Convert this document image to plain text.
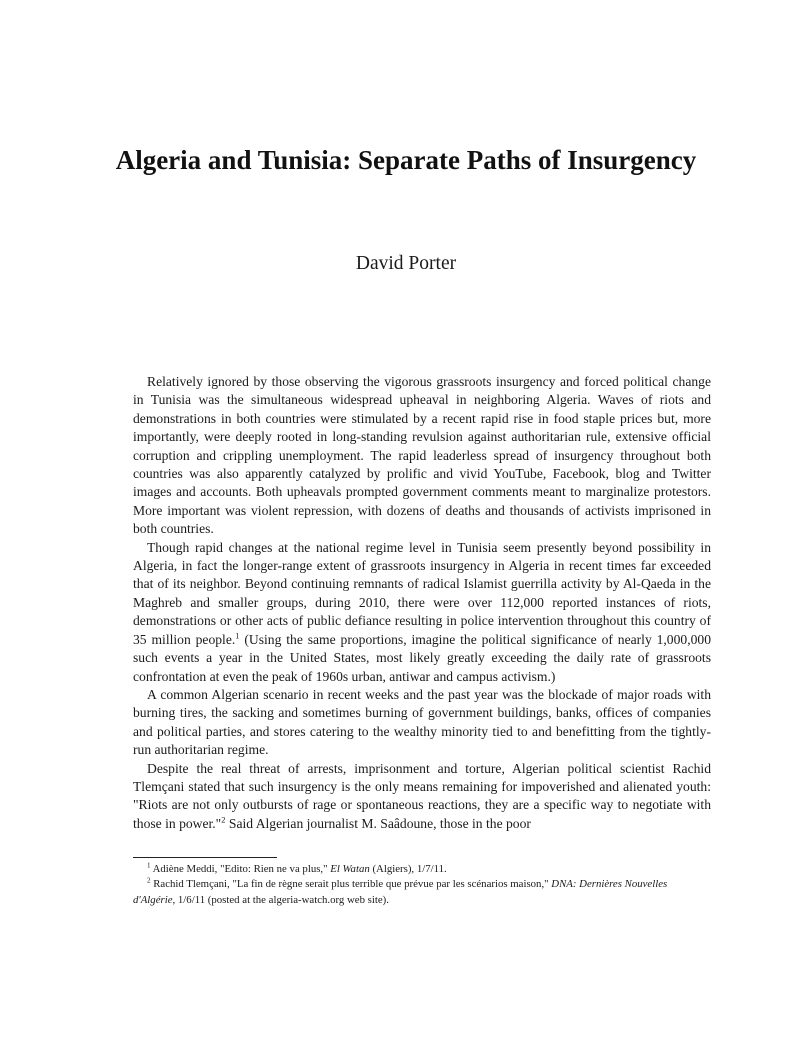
Algeria and Tunisia: Separate Paths of Insurgency
David Porter

Relatively ignored by those observing the vigorous grassroots insurgency and forced political change in Tunisia was the simultaneous widespread upheaval in neighboring Algeria. Waves of riots and demonstrations in both countries were stimulated by a recent rapid rise in food staple prices but, more importantly, were deeply rooted in long-standing revulsion against authoritarian rule, extensive official corruption and crippling unemployment. The rapid leaderless spread of insurgency throughout both countries was also apparently catalyzed by prolific and vivid YouTube, Facebook, blog and Twitter images and accounts. Both upheavals prompted government comments meant to marginalize protestors. More important was violent repression, with dozens of deaths and thousands of activists imprisoned in both countries.

Though rapid changes at the national regime level in Tunisia seem presently beyond possibility in Algeria, in fact the longer-range extent of grassroots insurgency in Algeria in recent times far exceeded that of its neighbor. Beyond continuing remnants of radical Islamist guerrilla activity by Al-Qaeda in the Maghreb and smaller groups, during 2010, there were over 112,000 reported instances of riots, demonstrations or other acts of public defiance resulting in police intervention throughout this country of 35 million people.$^1$ (Using the same proportions, imagine the political significance of nearly 1,000,000 such events a year in the United States, most likely greatly exceeding the daily rate of grassroots confrontation at even the peak of 1960s urban, antiwar and campus activism.)

A common Algerian scenario in recent weeks and the past year was the blockade of major roads with burning tires, the sacking and sometimes burning of government buildings, banks, offices of companies and political parties, and stores catering to the wealthy minority tied to and benefitting from the tightly-run authoritarian regime.

Despite the real threat of arrests, imprisonment and torture, Algerian political scientist Rachid Tlemçani stated that such insurgency is the only means remaining for impoverished and alienated youth: "Riots are not only outbursts of rage or spontaneous reactions, they are a specific way to negotiate with those in power."$^2$ Said Algerian journalist M. Saâdoune, those in the poor

$^1$ Adiène Meddi, "Edito: Rien ne va plus," El Watan (Algiers), 1/7/11.

$^2$ Rachid Tlemçani, "La fin de règne serait plus terrible que prévue par les scénarios maison," DNA: Dernières Nouvelles d'Algérie, 1/6/11 (posted at the algeria-watch.org web site).
